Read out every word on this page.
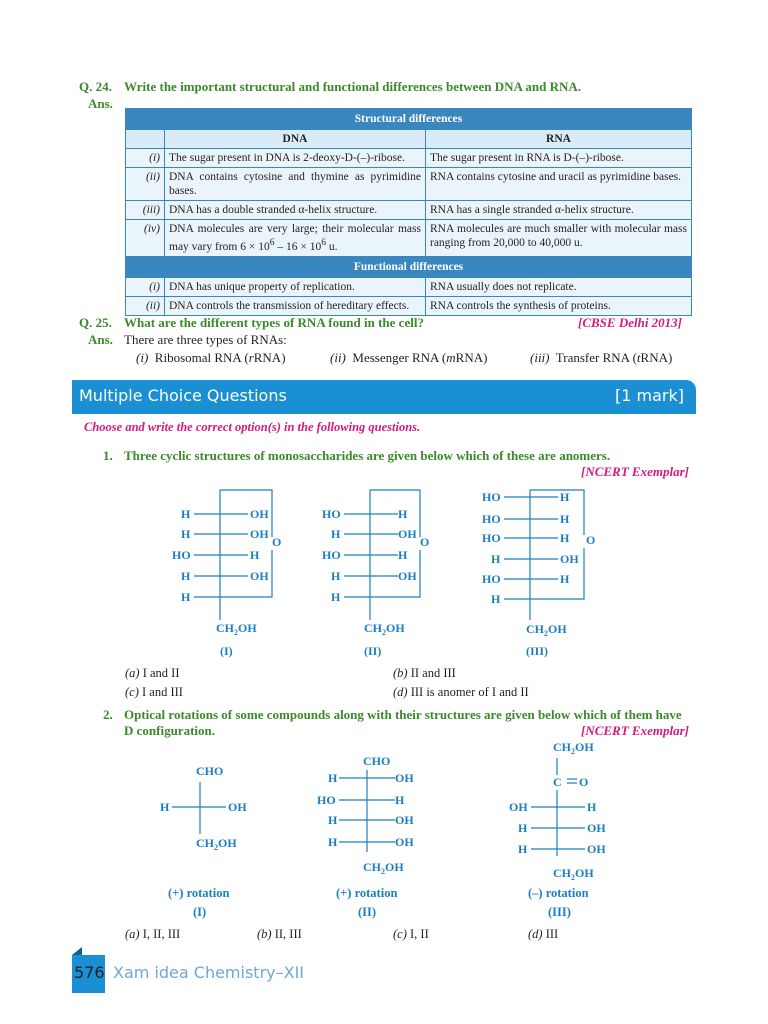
Q. 24. Write the important structural and functional differences between DNA and RNA.
Ans.
Structural differences		
	DNA	RNA
(i)	The sugar present in DNA is 2-deoxy-D-(–)-ribose.	The sugar present in RNA is D-(–)-ribose.
(ii)	DNA contains cytosine and thymine as pyrimidine bases.	RNA contains cytosine and uracil as pyrimidine bases.
(iii)	DNA has a double stranded α-helix structure.	RNA has a single stranded α-helix structure.
(iv)	DNA molecules are very large; their molecular mass may vary from $6 \times 10^6 - 16 \times 10^6$ u.	RNA molecules are much smaller with molecular mass ranging from 20,000 to 40,000 u.
Functional differences		
(i)	DNA has unique property of replication.	RNA usually does not replicate.
(ii)	DNA controls the transmission of hereditary effects.	RNA controls the synthesis of proteins.
Q. 25. What are the different types of RNA found in the cell?	[CBSE Delhi 2013]
Ans. There are three types of RNAs:
(i) Ribosomal RNA (rRNA)	(ii) Messenger RNA (mRNA)	(iii) Transfer RNA (tRNA)
Multiple Choice Questions	[1 mark]
Choose and write the correct option(s) in the following questions.
1. Three cyclic structures of monosaccharides are given below which of these are anomers.
[NCERT Exemplar]
H	OH
H	OH
HO	H
H	OH
H
O
$CH_2OH$
(I)
HO	H
H	OH
HO	H
H	OH
H
O
$CH_2OH$
(II)
HO	H
HO	H
HO	H
H	OH
HO	H
H
O
$CH_2OH$
(III)
(a) I and II	(b) II and III
(c) I and III	(d) III is anomer of I and II
2. Optical rotations of some compounds along with their structures are given below which of them have
D configuration.	[NCERT Exemplar]
CHO
H	OH
$CH_2OH$
CHO
H	OH
HO	H
H	OH
H	OH
$CH_2OH$
$CH_2OH$
C O
OH	H
H	OH
H	OH
$CH_2OH$
(+) rotation	(+) rotation	(–) rotation
(I)	(II)	(III)
(a) I, II, III	(b) II, III	(c) I, II	(d) III
576 Xam idea Chemistry–XII
